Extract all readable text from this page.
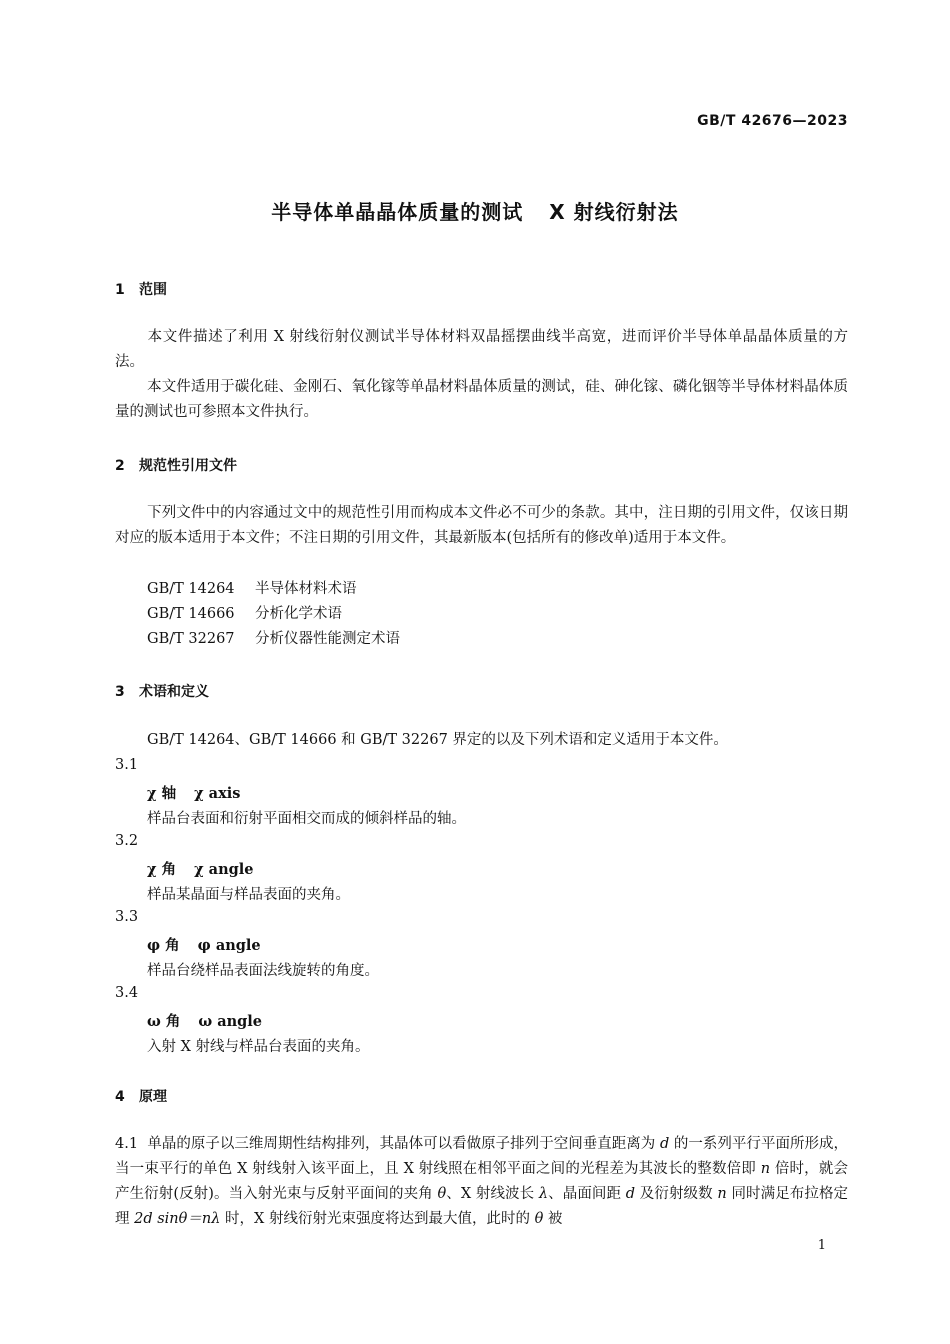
GB/T 42676—2023
半导体单晶晶体质量的测试 X 射线衍射法
1 范围
本文件描述了利用 X 射线衍射仪测试半导体材料双晶摇摆曲线半高宽，进而评价半导体单晶晶体质量的方法。
本文件适用于碳化硅、金刚石、氧化镓等单晶材料晶体质量的测试，硅、砷化镓、磷化铟等半导体材料晶体质量的测试也可参照本文件执行。
2 规范性引用文件
下列文件中的内容通过文中的规范性引用而构成本文件必不可少的条款。其中，注日期的引用文件，仅该日期对应的版本适用于本文件；不注日期的引用文件，其最新版本(包括所有的修改单)适用于本文件。
GB/T 14264 半导体材料术语
GB/T 14666 分析化学术语
GB/T 32267 分析仪器性能测定术语
3 术语和定义
GB/T 14264、GB/T 14666 和 GB/T 32267 界定的以及下列术语和定义适用于本文件。
3.1
χ 轴 χ axis
样品台表面和衍射平面相交而成的倾斜样品的轴。
3.2
χ 角 χ angle
样品某晶面与样品表面的夹角。
3.3
φ 角 φ angle
样品台绕样品表面法线旋转的角度。
3.4
ω 角 ω angle
入射 X 射线与样品台表面的夹角。
4 原理
4.1 单晶的原子以三维周期性结构排列，其晶体可以看做原子排列于空间垂直距离为 d 的一系列平行平面所形成，当一束平行的单色 X 射线射入该平面上，且 X 射线照在相邻平面之间的光程差为其波长的整数倍即 n 倍时，就会产生衍射(反射)。当入射光束与反射平面间的夹角 θ、X 射线波长 λ、晶面间距 d 及衍射级数 n 同时满足布拉格定理 2d sinθ＝nλ 时，X 射线衍射光束强度将达到最大值，此时的 θ 被
1
